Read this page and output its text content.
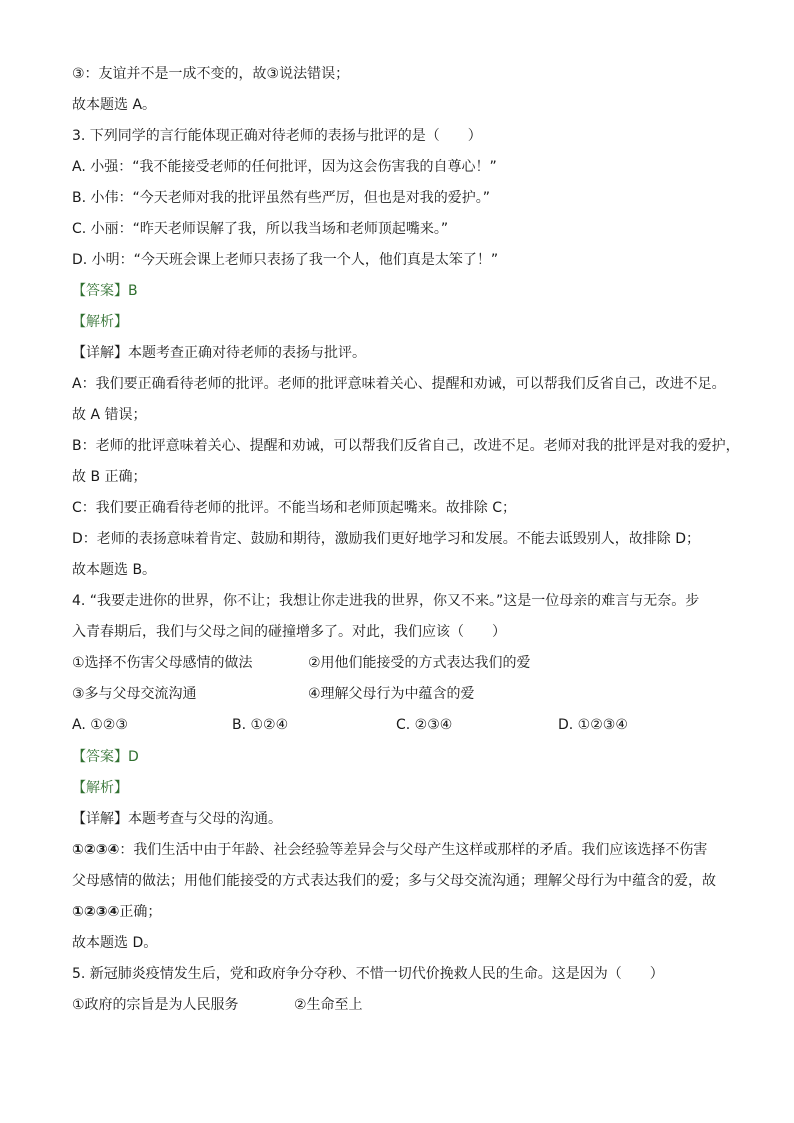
③：友谊并不是一成不变的，故③说法错误；
故本题选 A。
3. 下列同学的言行能体现正确对待老师的表扬与批评的是（　　）
A. 小强：“我不能接受老师的任何批评，因为这会伤害我的自尊心！”
B. 小伟：“今天老师对我的批评虽然有些严厉，但也是对我的爱护。”
C. 小丽：“昨天老师误解了我，所以我当场和老师顶起嘴来。”
D. 小明：“今天班会课上老师只表扬了我一个人，他们真是太笨了！”
【答案】B
【解析】
【详解】本题考查正确对待老师的表扬与批评。
A：我们要正确看待老师的批评。老师的批评意味着关心、提醒和劝诫，可以帮我们反省自己，改进不足。
故 A 错误；
B：老师的批评意味着关心、提醒和劝诫，可以帮我们反省自己，改进不足。老师对我的批评是对我的爱护，
故 B 正确；
C：我们要正确看待老师的批评。不能当场和老师顶起嘴来。故排除 C；
D：老师的表扬意味着肯定、鼓励和期待，激励我们更好地学习和发展。不能去诋毁别人，故排除 D；
故本题选 B。
4. “我要走进你的世界，你不让；我想让你走进我的世界，你又不来。”这是一位母亲的难言与无奈。步
入青春期后，我们与父母之间的碰撞增多了。对此，我们应该（　　）
①选择不伤害父母感情的做法	②用他们能接受的方式表达我们的爱
③多与父母交流沟通	④理解父母行为中蕴含的爱
A. ①②③	B. ①②④	C. ②③④	D. ①②③④
【答案】D
【解析】
【详解】本题考查与父母的沟通。
①②③④：我们生活中由于年龄、社会经验等差异会与父母产生这样或那样的矛盾。我们应该选择不伤害
父母感情的做法；用他们能接受的方式表达我们的爱；多与父母交流沟通；理解父母行为中蕴含的爱，故
①②③④正确；
故本题选 D。
5. 新冠肺炎疫情发生后，党和政府争分夺秒、不惜一切代价挽救人民的生命。这是因为（　　）
①政府的宗旨是为人民服务	②生命至上
